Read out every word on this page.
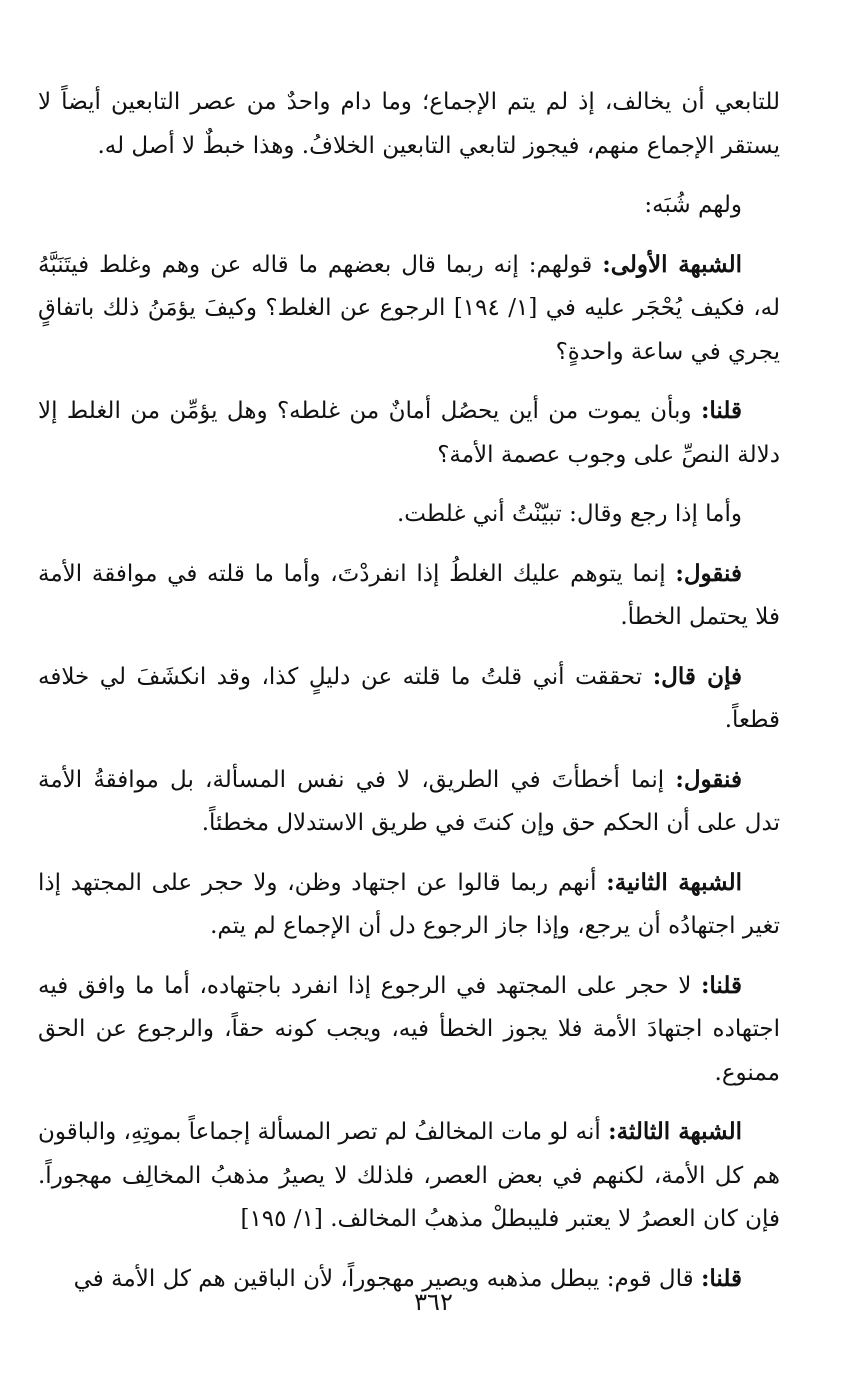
للتابعي أن يخالف، إذ لم يتم الإجماع؛ وما دام واحدٌ من عصر التابعين أيضاً لا يستقر الإجماع منهم، فيجوز لتابعي التابعين الخلافُ. وهذا خبطٌ لا أصل له.

ولهم شُبَه:

الشبهة الأولى: قولهم: إنه ربما قال بعضهم ما قاله عن وهم وغلط فيتَنَبَّهُ له، فكيف يُحْجَر عليه في [١/ ١٩٤] الرجوع عن الغلط؟ وكيفَ يؤمَنُ ذلك باتفاقٍ يجري في ساعة واحدةٍ؟

قلنا: وبأن يموت من أين يحصُل أمانٌ من غلطه؟ وهل يؤمِّن من الغلط إلا دلالة النصِّ على وجوب عصمة الأمة؟

وأما إذا رجع وقال: تبيّنْتُ أني غلطت.

فنقول: إنما يتوهم عليك الغلطُ إذا انفردْتَ، وأما ما قلته في موافقة الأمة فلا يحتمل الخطأ.

فإن قال: تحققت أني قلتُ ما قلته عن دليلٍ كذا، وقد انكشَفَ لي خلافه قطعاً.

فنقول: إنما أخطأتَ في الطريق، لا في نفس المسألة، بل موافقةُ الأمة تدل على أن الحكم حق وإن كنتَ في طريق الاستدلال مخطئاً.

الشبهة الثانية: أنهم ربما قالوا عن اجتهاد وظن، ولا حجر على المجتهد إذا تغير اجتهادُه أن يرجع، وإذا جاز الرجوع دل أن الإجماع لم يتم.

قلنا: لا حجر على المجتهد في الرجوع إذا انفرد باجتهاده، أما ما وافق فيه اجتهاده اجتهادَ الأمة فلا يجوز الخطأ فيه، ويجب كونه حقاً، والرجوع عن الحق ممنوع.

الشبهة الثالثة: أنه لو مات المخالفُ لم تصر المسألة إجماعاً بموتِهِ، والباقون هم كل الأمة، لكنهم في بعض العصر، فلذلك لا يصيرُ مذهبُ المخالِف مهجوراً. فإن كان العصرُ لا يعتبر فليبطلْ مذهبُ المخالف. [١/ ١٩٥]

قلنا: قال قوم: يبطل مذهبه ويصير مهجوراً، لأن الباقين هم كل الأمة في

٣٦٢
